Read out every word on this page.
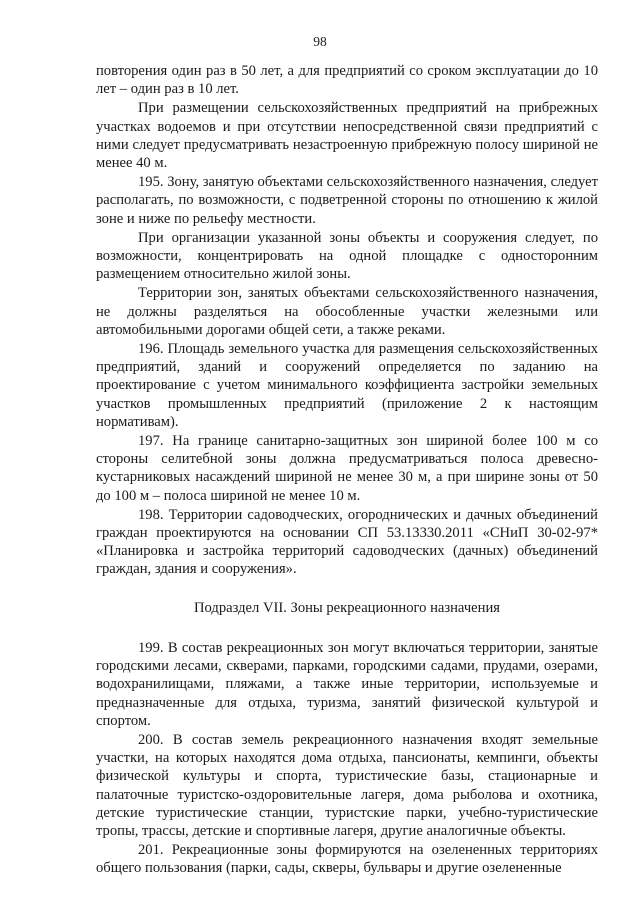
98

повторения один раз в 50 лет, а для предприятий со сроком эксплуатации до 10 лет – один раз в 10 лет.

При размещении сельскохозяйственных предприятий на прибрежных участках водоемов и при отсутствии непосредственной связи предприятий с ними следует предусматривать незастроенную прибрежную полосу шириной не менее 40 м.

195. Зону, занятую объектами сельскохозяйственного назначения, следует располагать, по возможности, с подветренной стороны по отношению к жилой зоне и ниже по рельефу местности.

При организации указанной зоны объекты и сооружения следует, по возможности, концентрировать на одной площадке с односторонним размещением относительно жилой зоны.

Территории зон, занятых объектами сельскохозяйственного назначения, не должны разделяться на обособленные участки железными или автомобильными дорогами общей сети, а также реками.

196. Площадь земельного участка для размещения сельскохозяйственных предприятий, зданий и сооружений определяется по заданию на проектирование с учетом минимального коэффициента застройки земельных участков промышленных предприятий (приложение 2 к настоящим нормативам).

197. На границе санитарно-защитных зон шириной более 100 м со стороны селитебной зоны должна предусматриваться полоса древесно-кустарниковых насаждений шириной не менее 30 м, а при ширине зоны от 50 до 100 м – полоса шириной не менее 10 м.

198. Территории садоводческих, огороднических и дачных объединений граждан проектируются на основании СП 53.13330.2011 «СНиП 30-02-97* «Планировка и застройка территорий садоводческих (дачных) объединений граждан, здания и сооружения».

Подраздел VII. Зоны рекреационного назначения

199. В состав рекреационных зон могут включаться территории, занятые городскими лесами, скверами, парками, городскими садами, прудами, озерами, водохранилищами, пляжами, а также иные территории, используемые и предназначенные для отдыха, туризма, занятий физической культурой и спортом.

200. В состав земель рекреационного назначения входят земельные участки, на которых находятся дома отдыха, пансионаты, кемпинги, объекты физической культуры и спорта, туристические базы, стационарные и палаточные туристско-оздоровительные лагеря, дома рыболова и охотника, детские туристические станции, туристские парки, учебно-туристические тропы, трассы, детские и спортивные лагеря, другие аналогичные объекты.

201. Рекреационные зоны формируются на озелененных территориях общего пользования (парки, сады, скверы, бульвары и другие озелененные
